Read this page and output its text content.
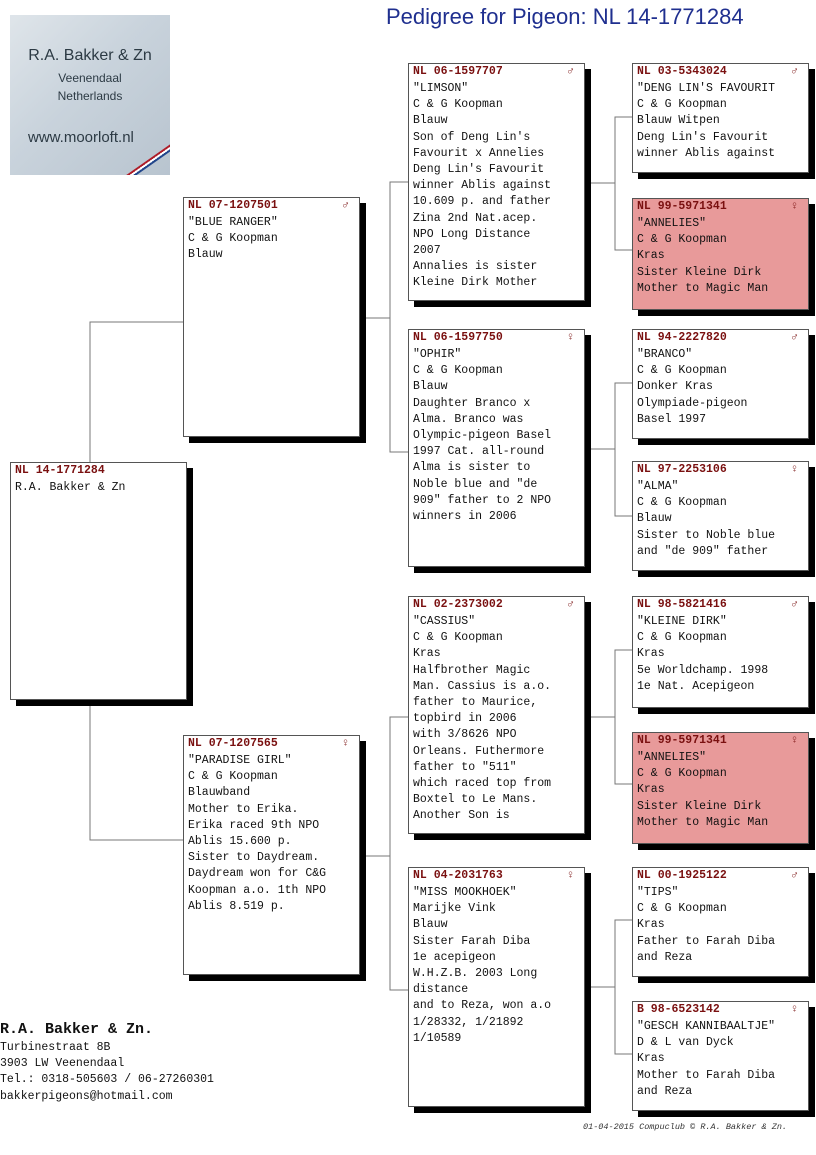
Pedigree for Pigeon: NL 14-1771284
R.A. Bakker & Zn
Veenendaal
Netherlands
www.moorloft.nl
NL 14-1771284
R.A. Bakker & Zn
NL 07-1207501	♂
"BLUE RANGER"
C & G Koopman
Blauw
NL 07-1207565	♀
"PARADISE GIRL"
C & G Koopman
Blauwband
Mother to Erika.
Erika raced 9th NPO
Ablis 15.600 p.
Sister to Daydream.
Daydream won for C&G
Koopman a.o. 1th NPO
Ablis 8.519 p.
NL 06-1597707	♂
"LIMSON"
C & G Koopman
Blauw
Son of Deng Lin's
Favourit x Annelies
Deng Lin's Favourit
winner Ablis against
10.609 p. and father
Zina 2nd Nat.acep.
NPO Long Distance
2007
Annalies is sister
Kleine Dirk Mother
NL 06-1597750	♀
"OPHIR"
C & G Koopman
Blauw
Daughter Branco x
Alma. Branco was
Olympic-pigeon Basel
1997 Cat. all-round
Alma is sister to
Noble blue and "de
909" father to 2 NPO
winners in 2006
NL 02-2373002	♂
"CASSIUS"
C & G Koopman
Kras
Halfbrother Magic
Man. Cassius is a.o.
father to Maurice,
topbird in 2006
with 3/8626 NPO
Orleans. Futhermore
father to "511"
which raced top from
Boxtel to Le Mans.
Another Son is
NL 04-2031763	♀
"MISS MOOKHOEK"
Marijke Vink
Blauw
Sister Farah Diba
1e acepigeon
W.H.Z.B. 2003 Long
distance
and to Reza, won a.o
1/28332, 1/21892
1/10589
NL 03-5343024	♂
"DENG LIN'S FAVOURIT
C & G Koopman
Blauw Witpen
Deng Lin's Favourit
winner Ablis against
NL 99-5971341	♀
"ANNELIES"
C & G Koopman
Kras
Sister Kleine Dirk
Mother to Magic Man
NL 94-2227820	♂
"BRANCO"
C & G Koopman
Donker Kras
Olympiade-pigeon
Basel 1997
NL 97-2253106	♀
"ALMA"
C & G Koopman
Blauw
Sister to Noble blue
and "de 909" father
NL 98-5821416	♂
"KLEINE DIRK"
C & G Koopman
Kras
5e Worldchamp. 1998
1e Nat. Acepigeon
NL 99-5971341	♀
"ANNELIES"
C & G Koopman
Kras
Sister Kleine Dirk
Mother to Magic Man
NL 00-1925122	♂
"TIPS"
C & G Koopman
Kras
Father to Farah Diba
and Reza
B 98-6523142	♀
"GESCH KANNIBAALTJE"
D & L van Dyck
Kras
Mother to Farah Diba
and Reza
R.A. Bakker & Zn.
Turbinestraat 8B
3903 LW Veenendaal
Tel.: 0318-505603 / 06-27260301
bakkerpigeons@hotmail.com
01-04-2015 Compuclub © R.A. Bakker & Zn.
